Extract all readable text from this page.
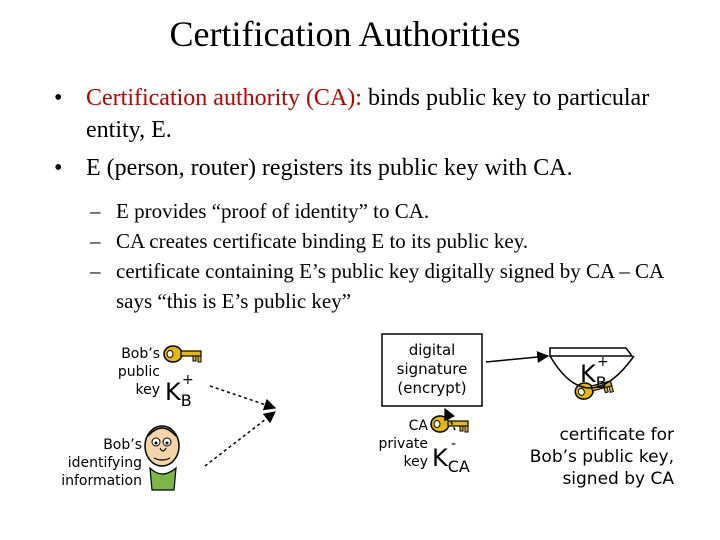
Certification Authorities
• Certification authority (CA): binds public key to particular entity, E.
• E (person, router) registers its public key with CA.
– E provides “proof of identity” to CA.
– CA creates certificate binding E to its public key.
– certificate containing E’s public key digitally signed by CA – CA says “this is E’s public key”
Bob’s
public
key KB
+
Bob’s
identifying
information
digital
signature
(encrypt)
CA
private
key KCA
-
KB
+
certificate for
Bob’s public key,
signed by CA
